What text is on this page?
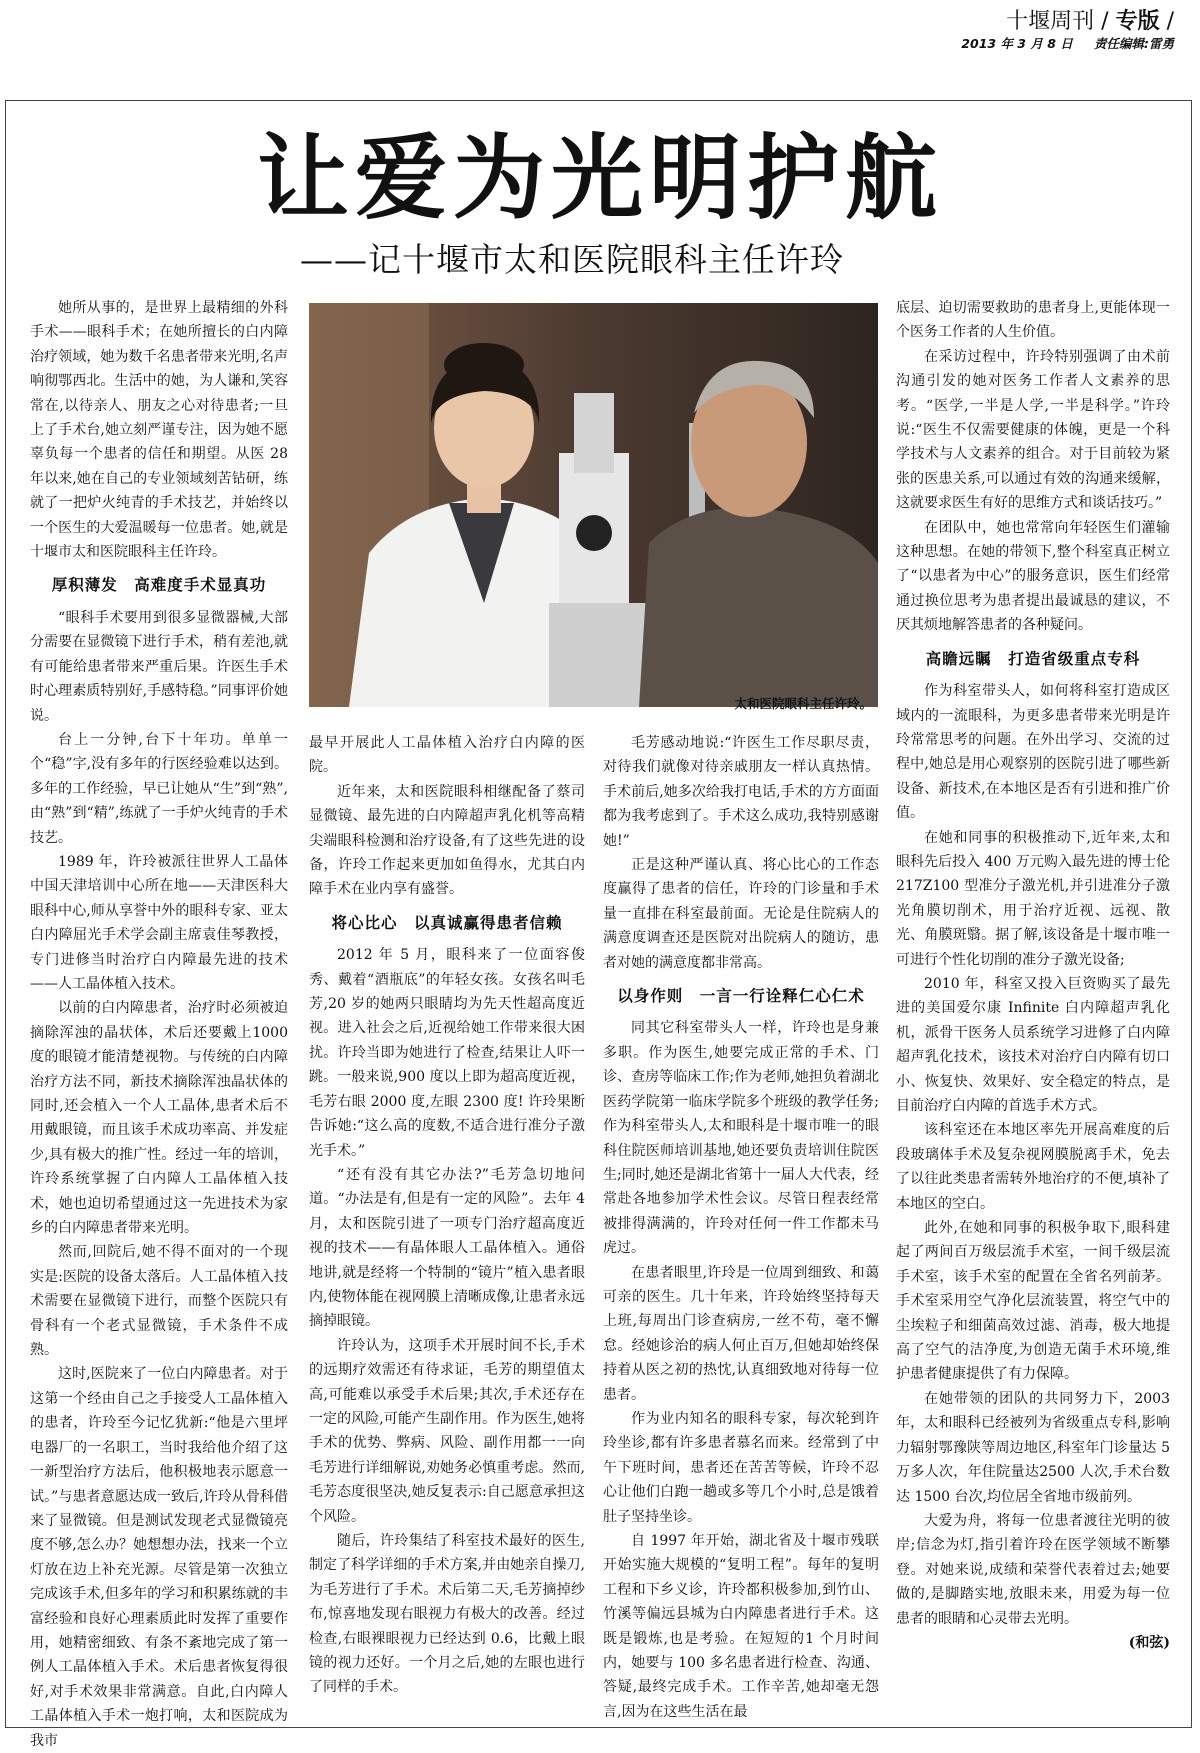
十堰周刊 / 专版 /
2013 年 3 月 8 日 　 责任编辑:雷勇
让爱为光明护航
——记十堰市太和医院眼科主任许玲
太和医院眼科主任许玲。

她所从事的，是世界上最精细的外科手术——眼科手术；在她所擅长的白内障治疗领域，她为数千名患者带来光明,名声响彻鄂西北。生活中的她，为人谦和,笑容常在,以待亲人、朋友之心对待患者;一旦上了手术台,她立刻严谨专注，因为她不愿辜负每一个患者的信任和期望。从医 28 年以来,她在自己的专业领域刻苦钻研，练就了一把炉火纯青的手术技艺，并始终以一个医生的大爱温暖每一位患者。她,就是十堰市太和医院眼科主任许玲。

厚积薄发　高难度手术显真功

“眼科手术要用到很多显微器械,大部分需要在显微镜下进行手术，稍有差池,就有可能给患者带来严重后果。许医生手术时心理素质特别好,手感特稳。”同事评价她说。

台上一分钟,台下十年功。单单一个“稳”字,没有多年的行医经验难以达到。多年的工作经验，早已让她从“生”到“熟”,由“熟”到“精”,练就了一手炉火纯青的手术技艺。

1989 年，许玲被派往世界人工晶体中国天津培训中心所在地——天津医科大眼科中心,师从享誉中外的眼科专家、亚太白内障屈光手术学会副主席袁佳琴教授，专门进修当时治疗白内障最先进的技术——人工晶体植入技术。

以前的白内障患者，治疗时必须被迫摘除浑浊的晶状体，术后还要戴上1000 度的眼镜才能清楚视物。与传统的白内障治疗方法不同，新技术摘除浑浊晶状体的同时,还会植入一个人工晶体,患者术后不用戴眼镜，而且该手术成功率高、并发症少,具有极大的推广性。经过一年的培训，许玲系统掌握了白内障人工晶体植入技术，她也迫切希望通过这一先进技术为家乡的白内障患者带来光明。

然而,回院后,她不得不面对的一个现实是:医院的设备太落后。人工晶体植入技术需要在显微镜下进行，而整个医院只有骨科有一个老式显微镜，手术条件不成熟。

这时,医院来了一位白内障患者。对于这第一个经由自己之手接受人工晶体植入的患者，许玲至今记忆犹新:“他是六里坪电器厂的一名职工，当时我给他介绍了这一新型治疗方法后，他积极地表示愿意一试。”与患者意愿达成一致后,许玲从骨科借来了显微镜。但是测试发现老式显微镜亮度不够,怎么办？她想想办法，找来一个立灯放在边上补充光源。尽管是第一次独立完成该手术,但多年的学习和积累练就的丰富经验和良好心理素质此时发挥了重要作用，她精密细致、有条不紊地完成了第一例人工晶体植入手术。术后患者恢复得很好,对手术效果非常满意。自此,白内障人工晶体植入手术一炮打响，太和医院成为我市

最早开展此人工晶体植入治疗白内障的医院。

近年来，太和医院眼科相继配备了蔡司显微镜、最先进的白内障超声乳化机等高精尖端眼科检测和治疗设备,有了这些先进的设备，许玲工作起来更加如鱼得水，尤其白内障手术在业内享有盛誉。

将心比心　以真诚赢得患者信赖

2012 年 5 月，眼科来了一位面容俊秀、戴着“酒瓶底”的年轻女孩。女孩名叫毛芳,20 岁的她两只眼睛均为先天性超高度近视。进入社会之后,近视给她工作带来很大困扰。许玲当即为她进行了检查,结果让人吓一跳。一般来说,900 度以上即为超高度近视，毛芳右眼 2000 度,左眼 2300 度! 许玲果断告诉她:“这么高的度数,不适合进行准分子激光手术。”

“还有没有其它办法?”毛芳急切地问道。“办法是有,但是有一定的风险”。去年 4 月，太和医院引进了一项专门治疗超高度近视的技术——有晶体眼人工晶体植入。通俗地讲,就是经将一个特制的“镜片”植入患者眼内,使物体能在视网膜上清晰成像,让患者永远摘掉眼镜。

许玲认为，这项手术开展时间不长,手术的远期疗效需还有待求证，毛芳的期望值太高,可能难以承受手术后果;其次,手术还存在一定的风险,可能产生副作用。作为医生,她将手术的优势、弊病、风险、副作用都一一向毛芳进行详细解说,劝她务必慎重考虑。然而,毛芳态度很坚决,她反复表示:自己愿意承担这个风险。

随后，许玲集结了科室技术最好的医生,制定了科学详细的手术方案,并由她亲自操刀,为毛芳进行了手术。术后第二天,毛芳摘掉纱布,惊喜地发现右眼视力有极大的改善。经过检查,右眼裸眼视力已经达到 0.6，比戴上眼镜的视力还好。一个月之后,她的左眼也进行了同样的手术。

毛芳感动地说:“许医生工作尽职尽责，对待我们就像对待亲戚朋友一样认真热情。手术前后,她多次给我打电话,手术的方方面面都为我考虑到了。手术这么成功,我特别感谢她!”

正是这种严谨认真、将心比心的工作态度赢得了患者的信任，许玲的门诊量和手术量一直排在科室最前面。无论是住院病人的满意度调查还是医院对出院病人的随访，患者对她的满意度都非常高。

以身作则　一言一行诠释仁心仁术

同其它科室带头人一样，许玲也是身兼多职。作为医生,她要完成正常的手术、门诊、查房等临床工作;作为老师,她担负着湖北医药学院第一临床学院多个班级的教学任务;作为科室带头人,太和眼科是十堰市唯一的眼科住院医师培训基地,她还要负责培训住院医生;同时,她还是湖北省第十一届人大代表，经常赴各地参加学术性会议。尽管日程表经常被排得满满的，许玲对任何一件工作都未马虎过。

在患者眼里,许玲是一位周到细致、和蔼可亲的医生。几十年来，许玲始终坚持每天上班,每周出门诊查病房,一丝不苟，毫不懈怠。经她诊治的病人何止百万,但她却始终保持着从医之初的热忱,认真细致地对待每一位患者。

作为业内知名的眼科专家，每次轮到许玲坐诊,都有许多患者慕名而来。经常到了中午下班时间，患者还在苦苦等候，许玲不忍心让他们白跑一趟或多等几个小时,总是饿着肚子坚持坐诊。

自 1997 年开始，湖北省及十堰市残联开始实施大规模的“复明工程”。每年的复明工程和下乡义诊，许玲都积极参加,到竹山、竹溪等偏远县城为白内障患者进行手术。这既是锻炼,也是考验。在短短的1 个月时间内，她要与 100 多名患者进行检查、沟通、答疑,最终完成手术。工作辛苦,她却毫无怨言,因为在这些生活在最

底层、迫切需要救助的患者身上,更能体现一个医务工作者的人生价值。

在采访过程中，许玲特别强调了由术前沟通引发的她对医务工作者人文素养的思考。“医学,一半是人学,一半是科学。”许玲说:“医生不仅需要健康的体魄，更是一个科学技术与人文素养的组合。对于目前较为紧张的医患关系,可以通过有效的沟通来缓解，这就要求医生有好的思维方式和谈话技巧。”

在团队中，她也常常向年轻医生们灌输这种思想。在她的带领下,整个科室真正树立了“以患者为中心”的服务意识，医生们经常通过换位思考为患者提出最诚恳的建议，不厌其烦地解答患者的各种疑问。

高瞻远瞩　打造省级重点专科

作为科室带头人，如何将科室打造成区域内的一流眼科，为更多患者带来光明是许玲常常思考的问题。在外出学习、交流的过程中,她总是用心观察别的医院引进了哪些新设备、新技术,在本地区是否有引进和推广价值。

在她和同事的积极推动下,近年来,太和眼科先后投入 400 万元购入最先进的博士伦 217Z100 型准分子激光机,并引进准分子激光角膜切削术，用于治疗近视、远视、散光、角膜斑翳。据了解,该设备是十堰市唯一可进行个性化切削的准分子激光设备;

2010 年，科室又投入巨资购买了最先进的美国爱尔康 Infinite 白内障超声乳化机，派骨干医务人员系统学习进修了白内障超声乳化技术，该技术对治疗白内障有切口小、恢复快、效果好、安全稳定的特点，是目前治疗白内障的首选手术方式。

该科室还在本地区率先开展高难度的后段玻璃体手术及复杂视网膜脱离手术，免去了以往此类患者需转外地治疗的不便,填补了本地区的空白。

此外,在她和同事的积极争取下,眼科建起了两间百万级层流手术室，一间千级层流手术室，该手术室的配置在全省名列前茅。手术室采用空气净化层流装置，将空气中的尘埃粒子和细菌高效过滤、消毒，极大地提高了空气的洁净度,为创造无菌手术环境,维护患者健康提供了有力保障。

在她带领的团队的共同努力下，2003 年，太和眼科已经被列为省级重点专科,影响力辐射鄂豫陕等周边地区,科室年门诊量达 5 万多人次，年住院量达2500 人次,手术台数达 1500 台次,均位居全省地市级前列。

大爱为舟，将每一位患者渡往光明的彼岸;信念为灯,指引着许玲在医学领域不断攀登。对她来说,成绩和荣誉代表着过去;她要做的,是脚踏实地,放眼未来，用爱为每一位患者的眼睛和心灵带去光明。

(和弦)
